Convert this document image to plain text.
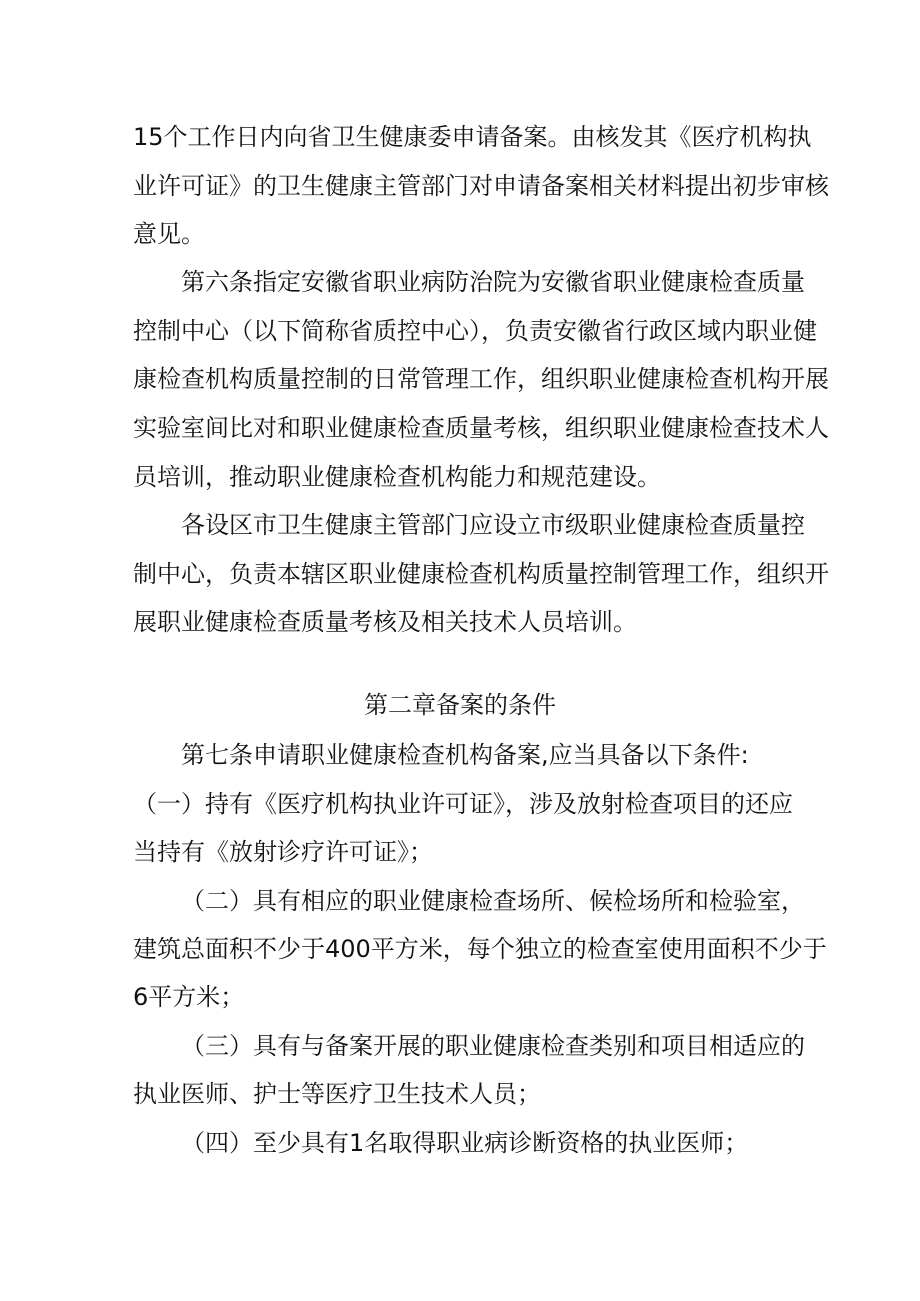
15个工作日内向省卫生健康委申请备案。由核发其《医疗机构执
业许可证》的卫生健康主管部门对申请备案相关材料提出初步审核
意见。
第六条指定安徽省职业病防治院为安徽省职业健康检查质量
控制中心（以下简称省质控中心），负责安徽省行政区域内职业健
康检查机构质量控制的日常管理工作，组织职业健康检查机构开展
实验室间比对和职业健康检查质量考核，组织职业健康检查技术人
员培训，推动职业健康检查机构能力和规范建设。
各设区市卫生健康主管部门应设立市级职业健康检查质量控
制中心，负责本辖区职业健康检查机构质量控制管理工作，组织开
展职业健康检查质量考核及相关技术人员培训。
第二章备案的条件
第七条申请职业健康检查机构备案,应当具备以下条件:
（一）持有《医疗机构执业许可证》，涉及放射检查项目的还应
当持有《放射诊疗许可证》；
（二）具有相应的职业健康检查场所、候检场所和检验室，
建筑总面积不少于400平方米，每个独立的检查室使用面积不少于
6平方米；
（三）具有与备案开展的职业健康检查类别和项目相适应的
执业医师、护士等医疗卫生技术人员；
（四）至少具有1名取得职业病诊断资格的执业医师；
